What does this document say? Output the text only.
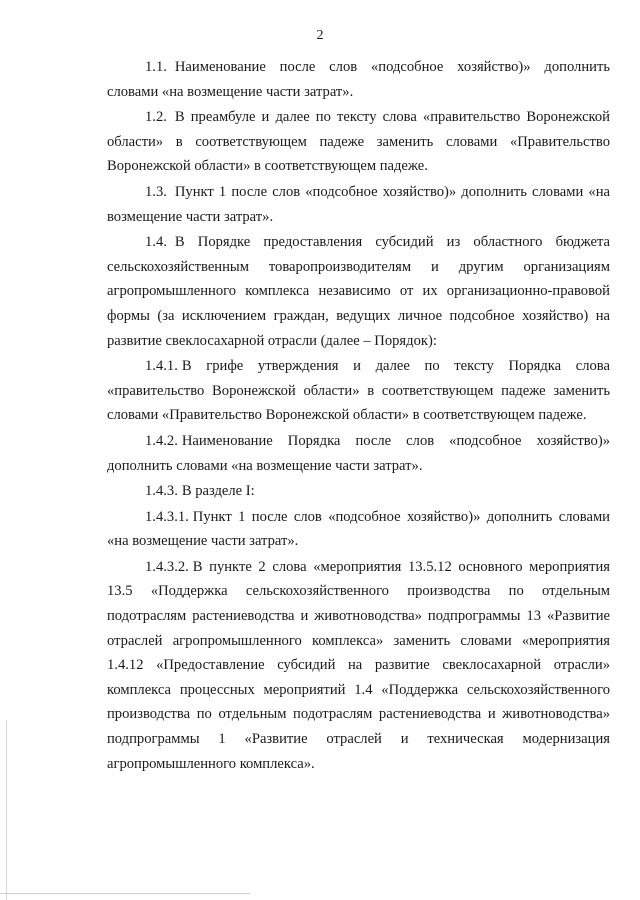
2

1.1. Наименование после слов «подсобное хозяйство)» дополнить словами «на возмещение части затрат».

1.2. В преамбуле и далее по тексту слова «правительство Воронежской области» в соответствующем падеже заменить словами «Правительство Воронежской области» в соответствующем падеже.

1.3. Пункт 1 после слов «подсобное хозяйство)» дополнить словами «на возмещение части затрат».

1.4. В Порядке предоставления субсидий из областного бюджета сельскохозяйственным товаропроизводителям и другим организациям агропромышленного комплекса независимо от их организационно-правовой формы (за исключением граждан, ведущих личное подсобное хозяйство) на развитие свеклосахарной отрасли (далее – Порядок):

1.4.1. В грифе утверждения и далее по тексту Порядка слова «правительство Воронежской области» в соответствующем падеже заменить словами «Правительство Воронежской области» в соответствующем падеже.

1.4.2. Наименование Порядка после слов «подсобное хозяйство)» дополнить словами «на возмещение части затрат».

1.4.3. В разделе I:

1.4.3.1. Пункт 1 после слов «подсобное хозяйство)» дополнить словами «на возмещение части затрат».

1.4.3.2. В пункте 2 слова «мероприятия 13.5.12 основного мероприятия 13.5 «Поддержка сельскохозяйственного производства по отдельным подотраслям растениеводства и животноводства» подпрограммы 13 «Развитие отраслей агропромышленного комплекса» заменить словами «мероприятия 1.4.12 «Предоставление субсидий на развитие свеклосахарной отрасли» комплекса процессных мероприятий 1.4 «Поддержка сельскохозяйственного производства по отдельным подотраслям растениеводства и животноводства» подпрограммы 1 «Развитие отраслей и техническая модернизация агропромышленного комплекса».
